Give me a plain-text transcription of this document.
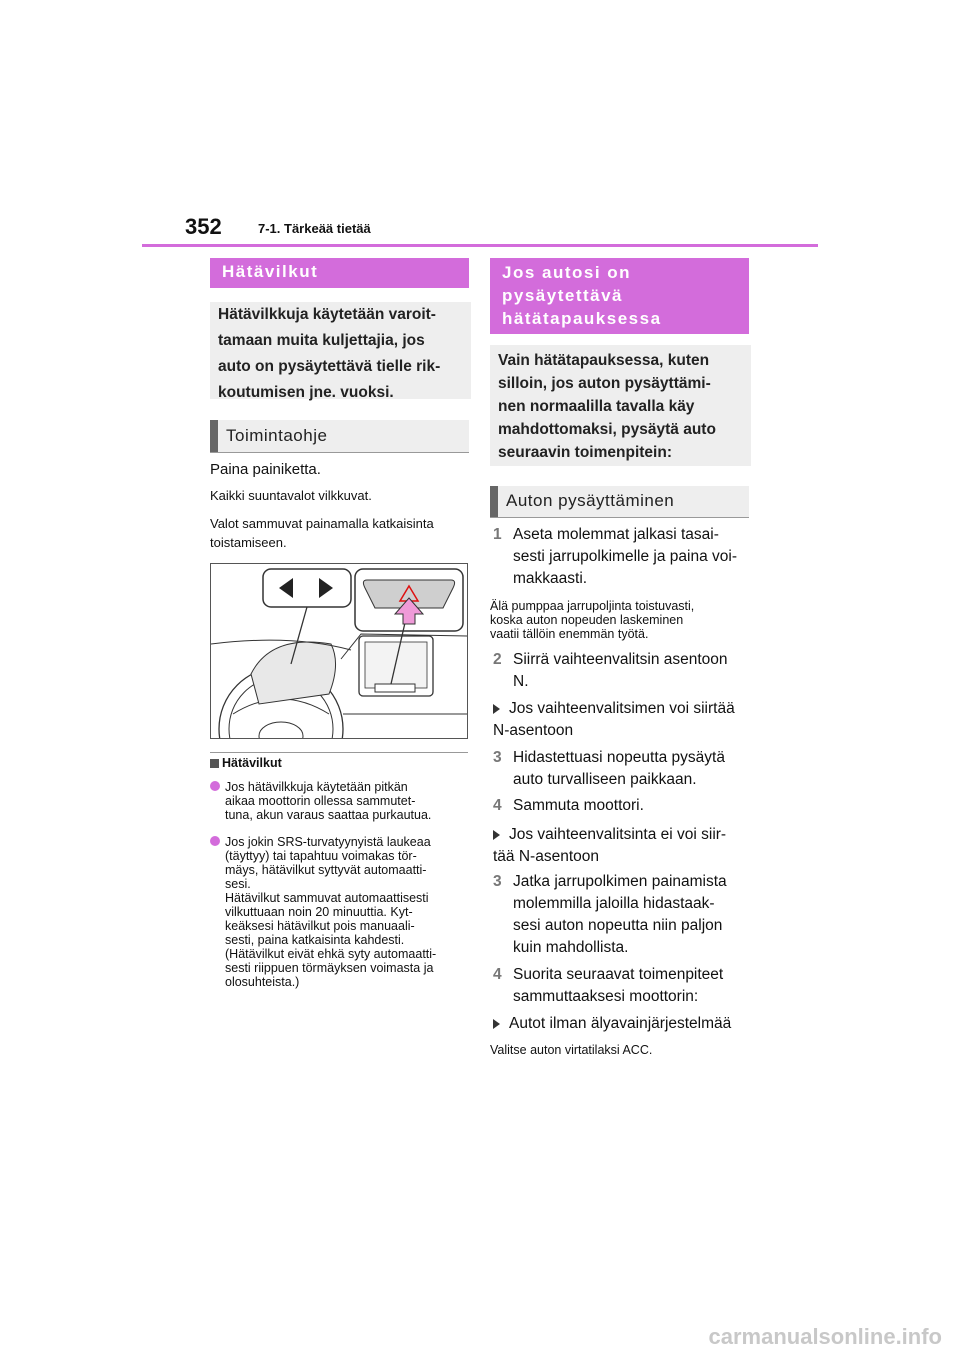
352	7-1. Tärkeää tietää
Hätävilkut
Hätävilkkuja käytetään varoit-
tamaan muita kuljettajia, jos
auto on pysäytettävä tielle rik-
koutumisen jne. vuoksi.
Toimintaohje
Paina painiketta.
Kaikki suuntavalot vilkkuvat.
Valot sammuvat painamalla katkaisinta
toistamiseen.
Hätävilkut
Jos hätävilkkuja käytetään pitkän
aikaa moottorin ollessa sammutet-
tuna, akun varaus saattaa purkautua.
Jos jokin SRS-turvatyynyistä laukeaa
(täyttyy) tai tapahtuu voimakas tör-
mäys, hätävilkut syttyvät automaatti-
sesi.
Hätävilkut sammuvat automaattisesti
vilkuttuaan noin 20 minuuttia. Kyt-
keäksesi hätävilkut pois manuaali-
sesti, paina katkaisinta kahdesti.
(Hätävilkut eivät ehkä syty automaatti-
sesti riippuen törmäyksen voimasta ja
olosuhteista.)
Jos autosi on
pysäytettävä
hätätapauksessa
Vain hätätapauksessa, kuten
silloin, jos auton pysäyttämi-
nen normaalilla tavalla käy
mahdottomaksi, pysäytä auto
seuraavin toimenpitein:
Auton pysäyttäminen
1 Aseta molemmat jalkasi tasai-
sesti jarrupolkimelle ja paina voi-
makkaasti.
Älä pumppaa jarrupoljinta toistuvasti,
koska auton nopeuden laskeminen
vaatii tällöin enemmän työtä.
2 Siirrä vaihteenvalitsin asentoon
N.
Jos vaihteenvalitsimen voi siirtää
N-asentoon
3 Hidastettuasi nopeutta pysäytä
auto turvalliseen paikkaan.
4 Sammuta moottori.
Jos vaihteenvalitsinta ei voi siir-
tää N-asentoon
3 Jatka jarrupolkimen painamista
molemmilla jaloilla hidastaak-
sesi auton nopeutta niin paljon
kuin mahdollista.
4 Suorita seuraavat toimenpiteet
sammuttaaksesi moottorin:
Autot ilman älyavainjärjestelmää
Valitse auton virtatilaksi ACC.
carmanualsonline.info
